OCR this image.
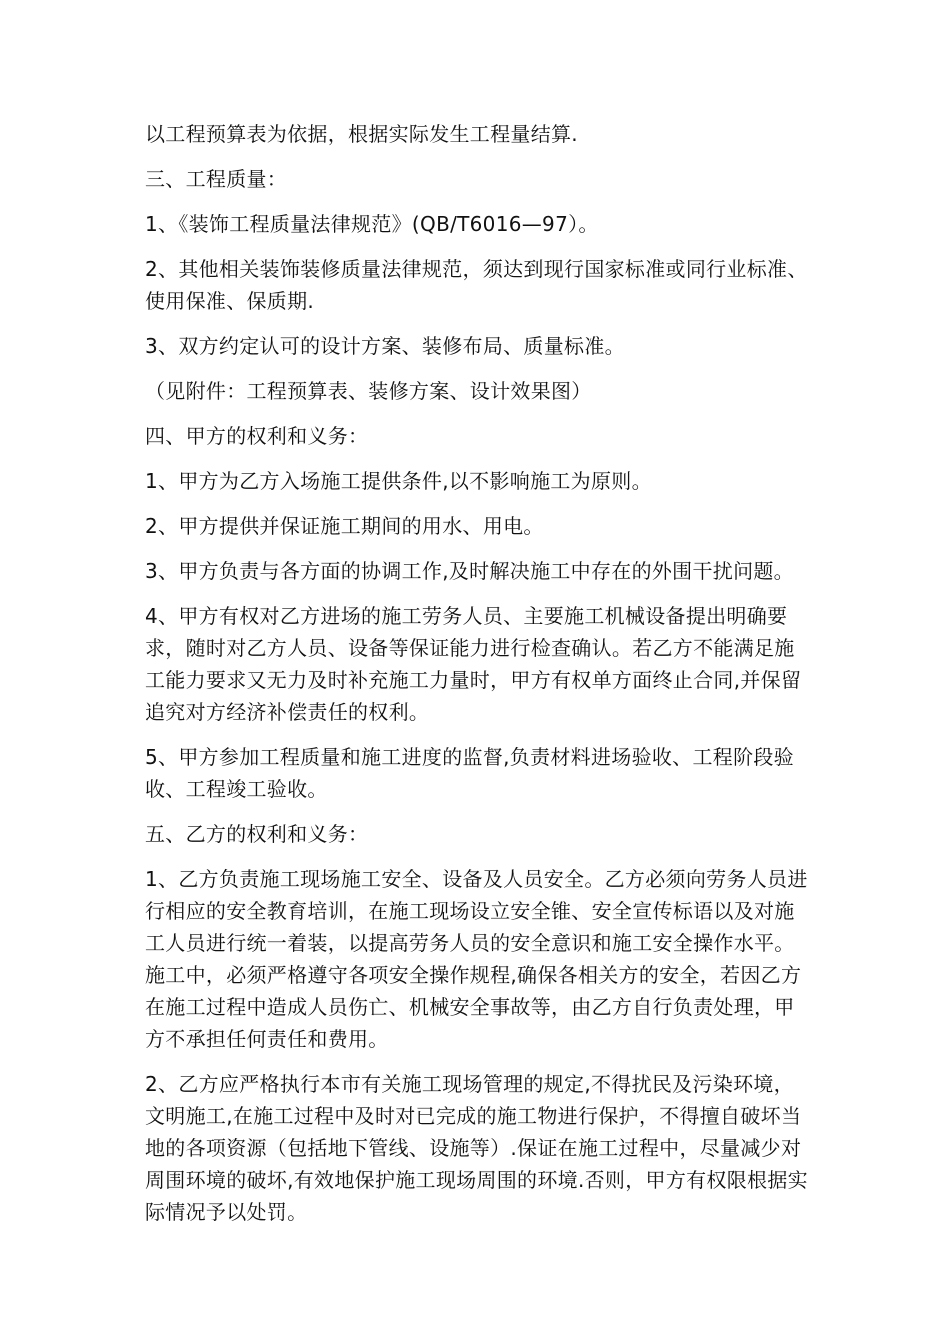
以工程预算表为依据，根据实际发生工程量结算.

三、工程质量：

1、《装饰工程质量法律规范》(QB/T6016—97）。

2、其他相关装饰装修质量法律规范，须达到现行国家标准或同行业标准、使用保准、保质期.

3、双方约定认可的设计方案、装修布局、质量标准。

（见附件：工程预算表、装修方案、设计效果图）

四、甲方的权利和义务：

1、甲方为乙方入场施工提供条件,以不影响施工为原则。

2、甲方提供并保证施工期间的用水、用电。

3、甲方负责与各方面的协调工作,及时解决施工中存在的外围干扰问题。

4、甲方有权对乙方进场的施工劳务人员、主要施工机械设备提出明确要求，随时对乙方人员、设备等保证能力进行检查确认。若乙方不能满足施工能力要求又无力及时补充施工力量时，甲方有权单方面终止合同,并保留追究对方经济补偿责任的权利。

5、甲方参加工程质量和施工进度的监督,负责材料进场验收、工程阶段验收、工程竣工验收。

五、乙方的权利和义务：

1、乙方负责施工现场施工安全、设备及人员安全。乙方必须向劳务人员进行相应的安全教育培训，在施工现场设立安全锥、安全宣传标语以及对施工人员进行统一着装，以提高劳务人员的安全意识和施工安全操作水平。施工中，必须严格遵守各项安全操作规程,确保各相关方的安全，若因乙方在施工过程中造成人员伤亡、机械安全事故等，由乙方自行负责处理，甲方不承担任何责任和费用。

2、乙方应严格执行本市有关施工现场管理的规定,不得扰民及污染环境，文明施工,在施工过程中及时对已完成的施工物进行保护，不得擅自破坏当地的各项资源（包括地下管线、设施等）.保证在施工过程中，尽量减少对周围环境的破坏,有效地保护施工现场周围的环境.否则，甲方有权限根据实际情况予以处罚。
